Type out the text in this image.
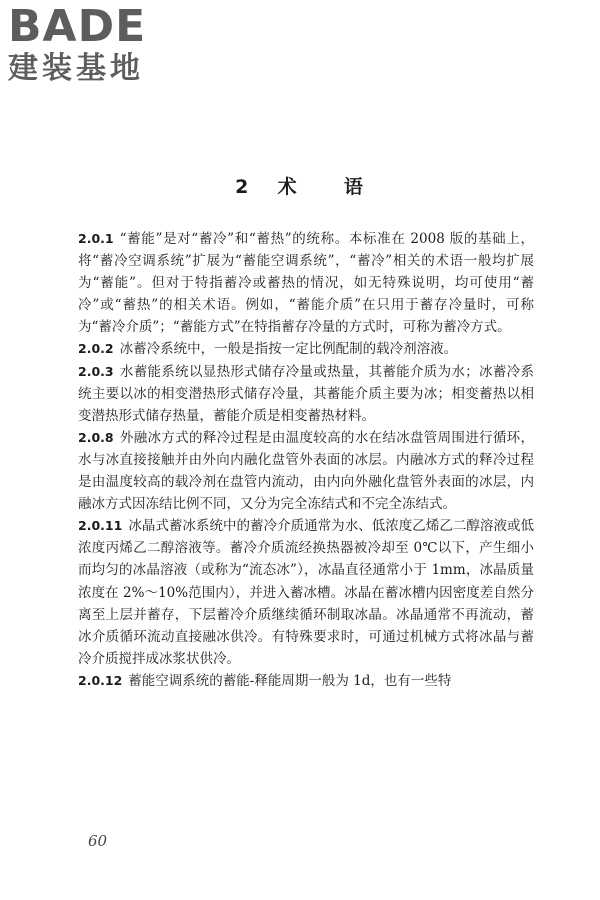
BADE
建装基地
2 术 语

2.0.1 “蓄能”是对“蓄冷”和“蓄热”的统称。本标准在 2008 版的基础上，将“蓄冷空调系统”扩展为“蓄能空调系统”，“蓄冷”相关的术语一般均扩展为“蓄能”。但对于特指蓄冷或蓄热的情况，如无特殊说明，均可使用“蓄冷”或“蓄热”的相关术语。例如，“蓄能介质”在只用于蓄存冷量时，可称为“蓄冷介质”；“蓄能方式”在特指蓄存冷量的方式时，可称为蓄冷方式。

2.0.2 冰蓄冷系统中，一般是指按一定比例配制的载冷剂溶液。

2.0.3 水蓄能系统以显热形式储存冷量或热量，其蓄能介质为水；冰蓄冷系统主要以冰的相变潜热形式储存冷量，其蓄能介质主要为冰；相变蓄热以相变潜热形式储存热量，蓄能介质是相变蓄热材料。

2.0.8 外融冰方式的释冷过程是由温度较高的水在结冰盘管周围进行循环，水与冰直接接触并由外向内融化盘管外表面的冰层。内融冰方式的释冷过程是由温度较高的载冷剂在盘管内流动，由内向外融化盘管外表面的冰层，内融冰方式因冻结比例不同，又分为完全冻结式和不完全冻结式。

2.0.11 冰晶式蓄冰系统中的蓄冷介质通常为水、低浓度乙烯乙二醇溶液或低浓度丙烯乙二醇溶液等。蓄冷介质流经换热器被冷却至 0℃以下，产生细小而均匀的冰晶溶液（或称为“流态冰”），冰晶直径通常小于 1mm，冰晶质量浓度在 2%～10%范围内），并进入蓄冰槽。冰晶在蓄冰槽内因密度差自然分离至上层并蓄存，下层蓄冷介质继续循环制取冰晶。冰晶通常不再流动，蓄冰介质循环流动直接融冰供冷。有特殊要求时，可通过机械方式将冰晶与蓄冷介质搅拌成冰浆状供冷。

2.0.12 蓄能空调系统的蓄能-释能周期一般为 1d，也有一些特

60
